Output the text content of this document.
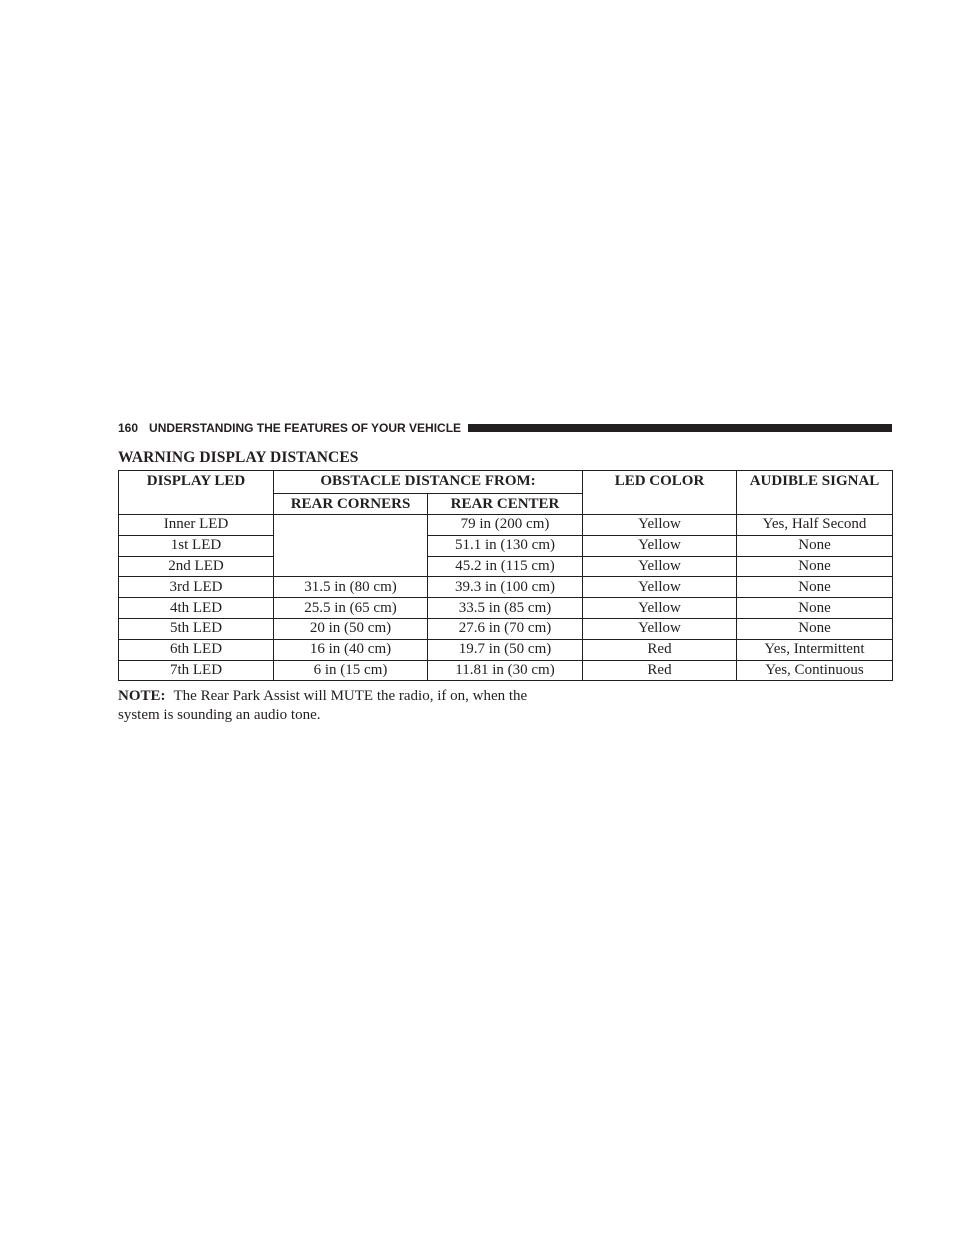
160 UNDERSTANDING THE FEATURES OF YOUR VEHICLE
WARNING DISPLAY DISTANCES
DISPLAY LED	OBSTACLE DISTANCE FROM:		LED COLOR	AUDIBLE SIGNAL
	REAR CORNERS	REAR CENTER		
Inner LED		79 in (200 cm)	Yellow	Yes, Half Second
1st LED		51.1 in (130 cm)	Yellow	None
2nd LED		45.2 in (115 cm)	Yellow	None
3rd LED	31.5 in (80 cm)	39.3 in (100 cm)	Yellow	None
4th LED	25.5 in (65 cm)	33.5 in (85 cm)	Yellow	None
5th LED	20 in (50 cm)	27.6 in (70 cm)	Yellow	None
6th LED	16 in (40 cm)	19.7 in (50 cm)	Red	Yes, Intermittent
7th LED	6 in (15 cm)	11.81 in (30 cm)	Red	Yes, Continuous
NOTE: The Rear Park Assist will MUTE the radio, if on, when the system is sounding an audio tone.
